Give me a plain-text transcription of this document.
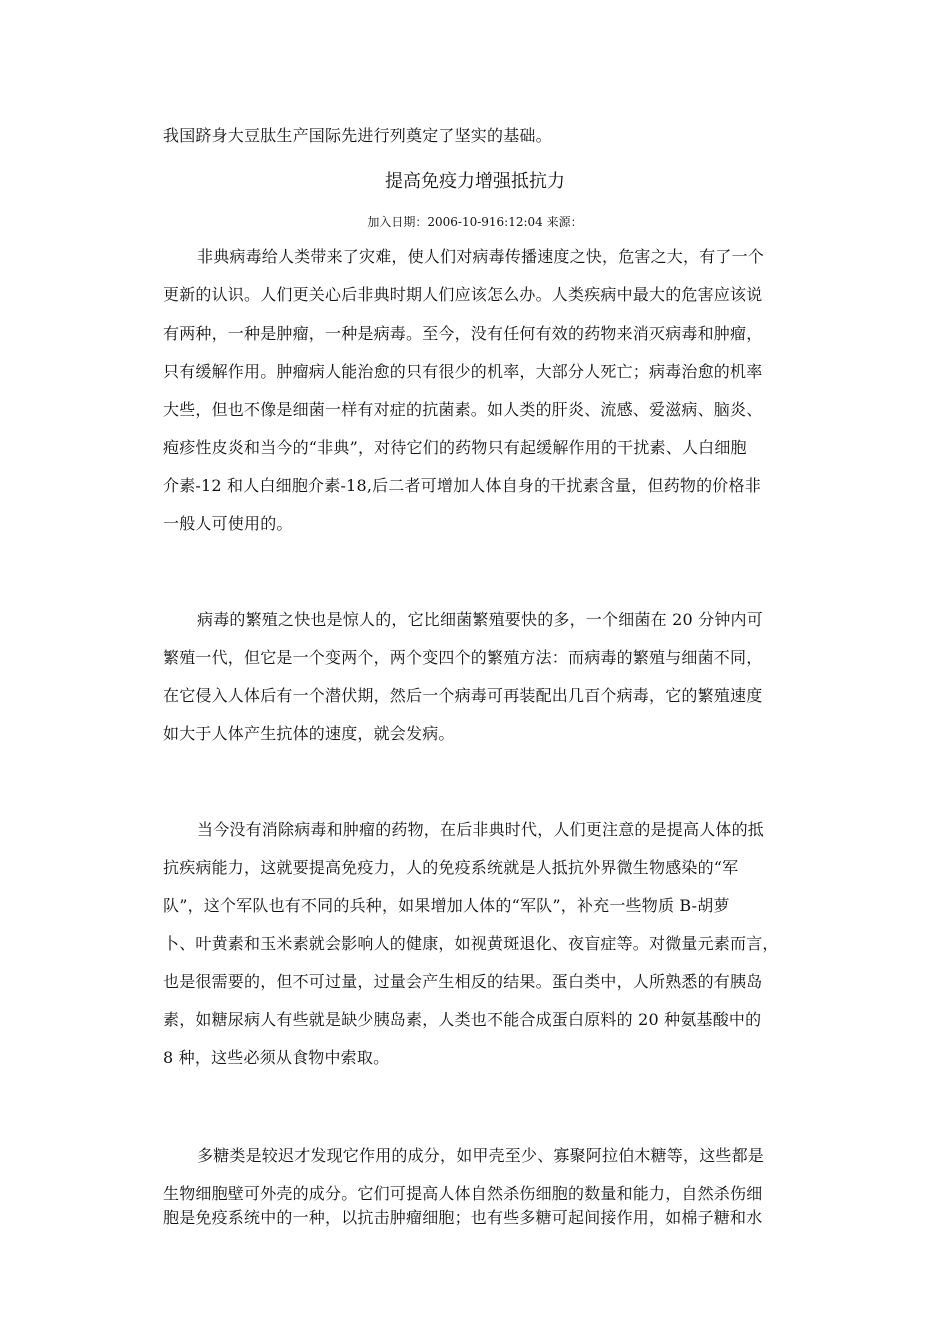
我国跻身大豆肽生产国际先进行列奠定了坚实的基础。
提高免疫力增强抵抗力
加入日期：2006-10-916:12:04 来源：
非典病毒给人类带来了灾难，使人们对病毒传播速度之快，危害之大，有了一个
更新的认识。人们更关心后非典时期人们应该怎么办。人类疾病中最大的危害应该说
有两种，一种是肿瘤，一种是病毒。至今，没有任何有效的药物来消灭病毒和肿瘤，
只有缓解作用。肿瘤病人能治愈的只有很少的机率，大部分人死亡；病毒治愈的机率
大些，但也不像是细菌一样有对症的抗菌素。如人类的肝炎、流感、爱滋病、脑炎、
疱疹性皮炎和当今的“非典”，对待它们的药物只有起缓解作用的干扰素、人白细胞
介素-12 和人白细胞介素-18,后二者可增加人体自身的干扰素含量，但药物的价格非
一般人可使用的。
病毒的繁殖之快也是惊人的，它比细菌繁殖要快的多，一个细菌在 20 分钟内可
繁殖一代，但它是一个变两个，两个变四个的繁殖方法：而病毒的繁殖与细菌不同，
在它侵入人体后有一个潜伏期，然后一个病毒可再装配出几百个病毒，它的繁殖速度
如大于人体产生抗体的速度，就会发病。
当今没有消除病毒和肿瘤的药物，在后非典时代，人们更注意的是提高人体的抵
抗疾病能力，这就要提高免疫力，人的免疫系统就是人抵抗外界微生物感染的“军
队”，这个军队也有不同的兵种，如果增加人体的“军队”，补充一些物质 B-胡萝
卜、叶黄素和玉米素就会影响人的健康，如视黄斑退化、夜盲症等。对微量元素而言，
也是很需要的，但不可过量，过量会产生相反的结果。蛋白类中，人所熟悉的有胰岛
素，如糖尿病人有些就是缺少胰岛素，人类也不能合成蛋白原料的 20 种氨基酸中的
8 种，这些必须从食物中索取。
多糖类是较迟才发现它作用的成分，如甲壳至少、寡聚阿拉伯木糖等，这些都是
生物细胞壁可外壳的成分。它们可提高人体自然杀伤细胞的数量和能力，自然杀伤细
胞是免疫系统中的一种，以抗击肿瘤细胞；也有些多糖可起间接作用，如棉子糖和水
